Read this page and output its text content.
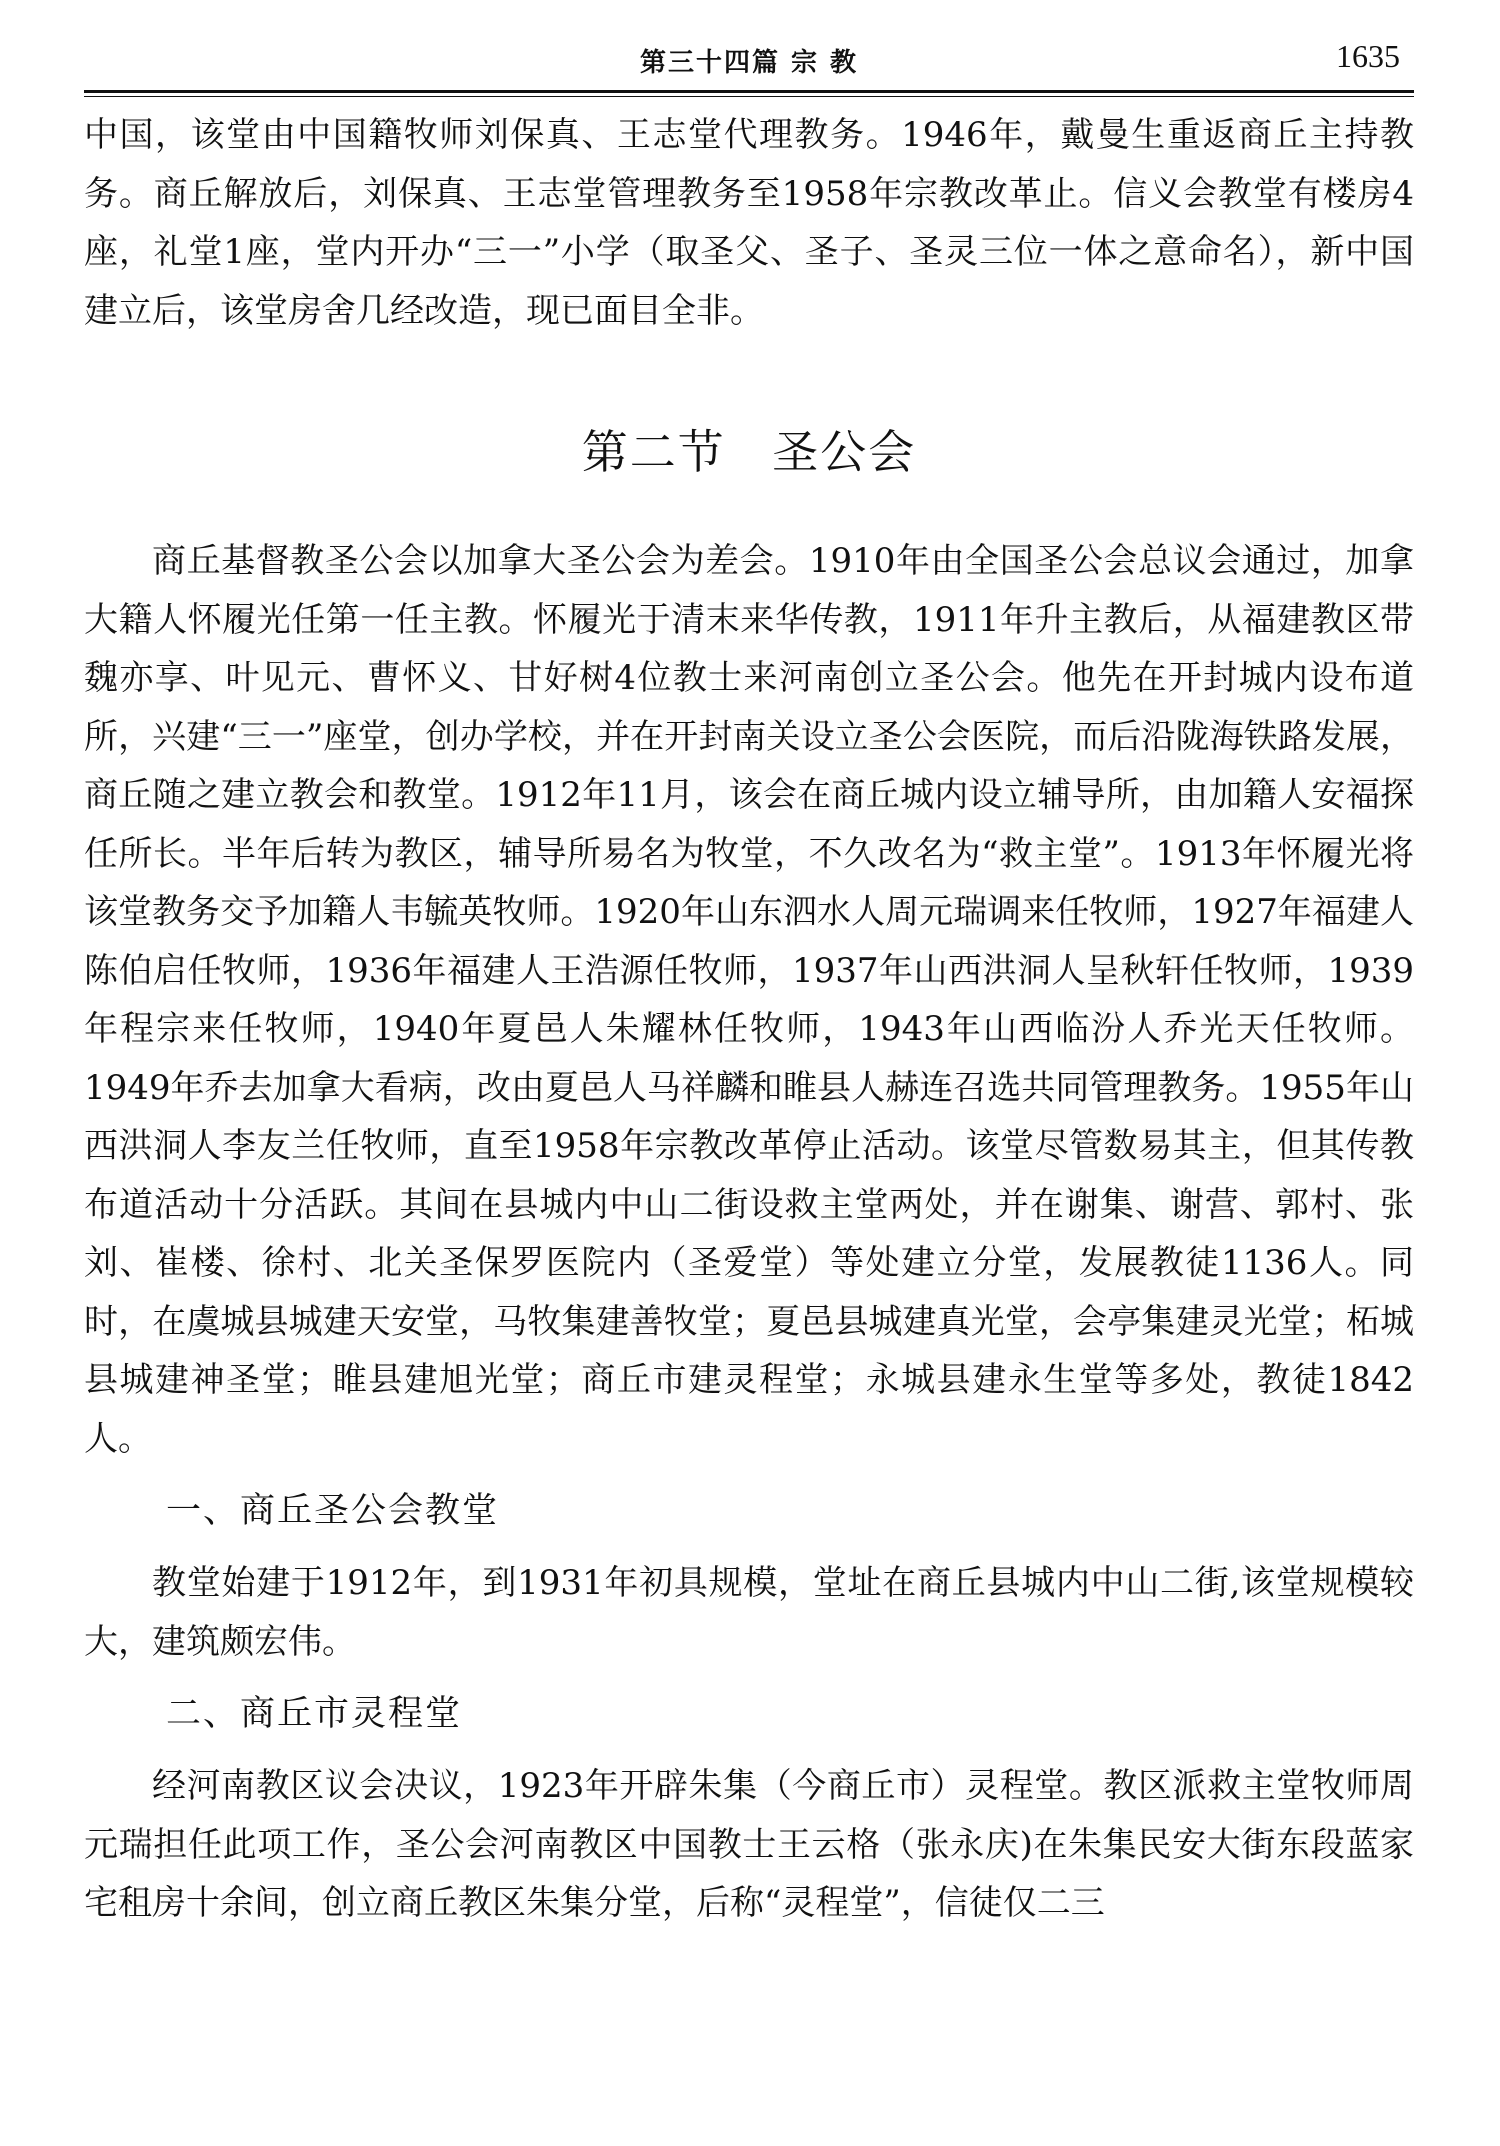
第三十四篇 宗 教	1635

中国，该堂由中国籍牧师刘保真、王志堂代理教务。1946年，戴曼生重返商丘主持教务。商丘解放后，刘保真、王志堂管理教务至1958年宗教改革止。信义会教堂有楼房4座，礼堂1座，堂内开办“三一”小学（取圣父、圣子、圣灵三位一体之意命名），新中国建立后，该堂房舍几经改造，现已面目全非。

第二节 圣公会

商丘基督教圣公会以加拿大圣公会为差会。1910年由全国圣公会总议会通过，加拿大籍人怀履光任第一任主教。怀履光于清末来华传教，1911年升主教后，从福建教区带魏亦享、叶见元、曹怀义、甘好树4位教士来河南创立圣公会。他先在开封城内设布道所，兴建“三一”座堂，创办学校，并在开封南关设立圣公会医院，而后沿陇海铁路发展，商丘随之建立教会和教堂。1912年11月，该会在商丘城内设立辅导所，由加籍人安福探任所长。半年后转为教区，辅导所易名为牧堂，不久改名为“救主堂”。1913年怀履光将该堂教务交予加籍人韦毓英牧师。1920年山东泗水人周元瑞调来任牧师，1927年福建人陈伯启任牧师，1936年福建人王浩源任牧师，1937年山西洪洞人呈秋轩任牧师，1939年程宗来任牧师，1940年夏邑人朱耀林任牧师，1943年山西临汾人乔光天任牧师。1949年乔去加拿大看病，改由夏邑人马祥麟和睢县人赫连召选共同管理教务。1955年山西洪洞人李友兰任牧师，直至1958年宗教改革停止活动。该堂尽管数易其主，但其传教布道活动十分活跃。其间在县城内中山二街设救主堂两处，并在谢集、谢营、郭村、张刘、崔楼、徐村、北关圣保罗医院内（圣爱堂）等处建立分堂，发展教徒1136人。同时，在虞城县城建天安堂，马牧集建善牧堂；夏邑县城建真光堂，会亭集建灵光堂；柘城县城建神圣堂；睢县建旭光堂；商丘市建灵程堂；永城县建永生堂等多处，教徒1842人。

一、商丘圣公会教堂

教堂始建于1912年，到1931年初具规模，堂址在商丘县城内中山二街,该堂规模较大，建筑颇宏伟。

二、商丘市灵程堂

经河南教区议会决议，1923年开辟朱集（今商丘市）灵程堂。教区派救主堂牧师周元瑞担任此项工作，圣公会河南教区中国教士王云格（张永庆)在朱集民安大街东段蓝家宅租房十余间，创立商丘教区朱集分堂，后称“灵程堂”，信徒仅二三
